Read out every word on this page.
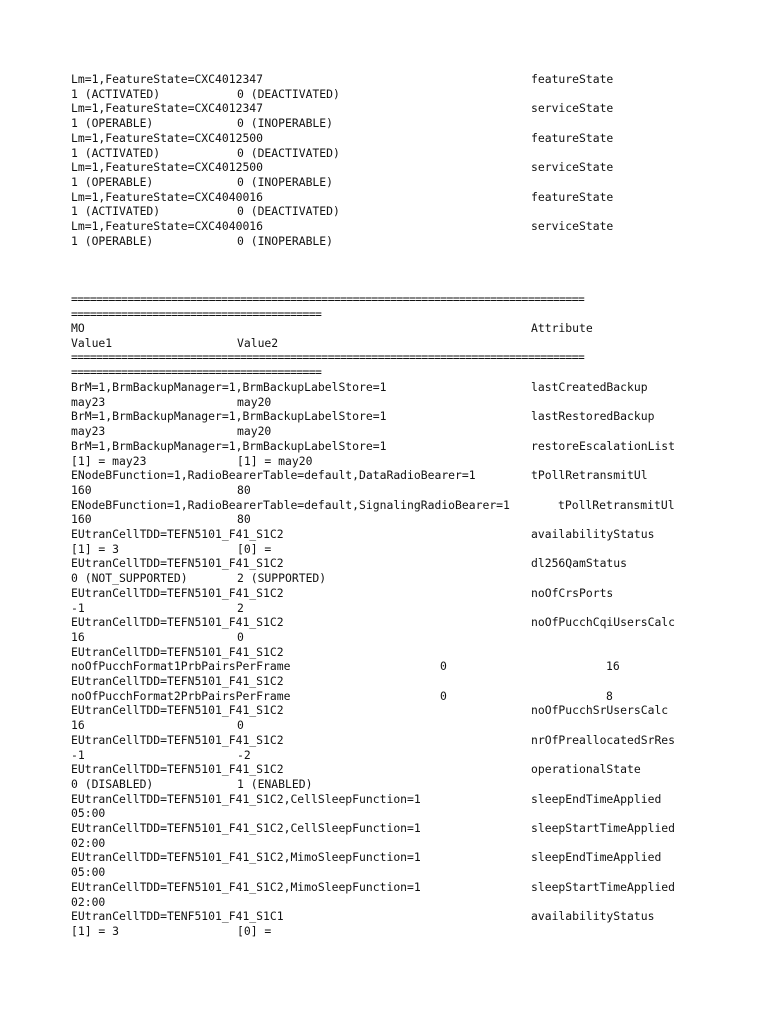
Lm=1,FeatureState=CXC4012347	featureState
1 (ACTIVATED)	0 (DEACTIVATED)
Lm=1,FeatureState=CXC4012347	serviceState
1 (OPERABLE)	0 (INOPERABLE)
Lm=1,FeatureState=CXC4012500	featureState
1 (ACTIVATED)	0 (DEACTIVATED)
Lm=1,FeatureState=CXC4012500	serviceState
1 (OPERABLE)	0 (INOPERABLE)
Lm=1,FeatureState=CXC4040016	featureState
1 (ACTIVATED)	0 (DEACTIVATED)
Lm=1,FeatureState=CXC4040016	serviceState
1 (OPERABLE)	0 (INOPERABLE)
==================================================================================
========================================
MO	Attribute
Value1	Value2
==================================================================================
========================================
BrM=1,BrmBackupManager=1,BrmBackupLabelStore=1	lastCreatedBackup
may23	may20
BrM=1,BrmBackupManager=1,BrmBackupLabelStore=1	lastRestoredBackup
may23	may20
BrM=1,BrmBackupManager=1,BrmBackupLabelStore=1	restoreEscalationList
[1] = may23	[1] = may20
ENodeBFunction=1,RadioBearerTable=default,DataRadioBearer=1	tPollRetransmitUl
160	80
ENodeBFunction=1,RadioBearerTable=default,SignalingRadioBearer=1	tPollRetransmitUl
160	80
EUtranCellTDD=TEFN5101_F41_S1C2	availabilityStatus
[1] = 3	[0] =
EUtranCellTDD=TEFN5101_F41_S1C2	dl256QamStatus
0 (NOT_SUPPORTED)	2 (SUPPORTED)
EUtranCellTDD=TEFN5101_F41_S1C2	noOfCrsPorts
-1	2
EUtranCellTDD=TEFN5101_F41_S1C2	noOfPucchCqiUsersCalc
16	0
EUtranCellTDD=TEFN5101_F41_S1C2
noOfPucchFormat1PrbPairsPerFrame	0	16
EUtranCellTDD=TEFN5101_F41_S1C2
noOfPucchFormat2PrbPairsPerFrame	0	8
EUtranCellTDD=TEFN5101_F41_S1C2	noOfPucchSrUsersCalc
16	0
EUtranCellTDD=TEFN5101_F41_S1C2	nrOfPreallocatedSrRes
-1	-2
EUtranCellTDD=TEFN5101_F41_S1C2	operationalState
0 (DISABLED)	1 (ENABLED)
EUtranCellTDD=TEFN5101_F41_S1C2,CellSleepFunction=1	sleepEndTimeApplied
05:00
EUtranCellTDD=TEFN5101_F41_S1C2,CellSleepFunction=1	sleepStartTimeApplied
02:00
EUtranCellTDD=TEFN5101_F41_S1C2,MimoSleepFunction=1	sleepEndTimeApplied
05:00
EUtranCellTDD=TEFN5101_F41_S1C2,MimoSleepFunction=1	sleepStartTimeApplied
02:00
EUtranCellTDD=TENF5101_F41_S1C1	availabilityStatus
[1] = 3	[0] =
